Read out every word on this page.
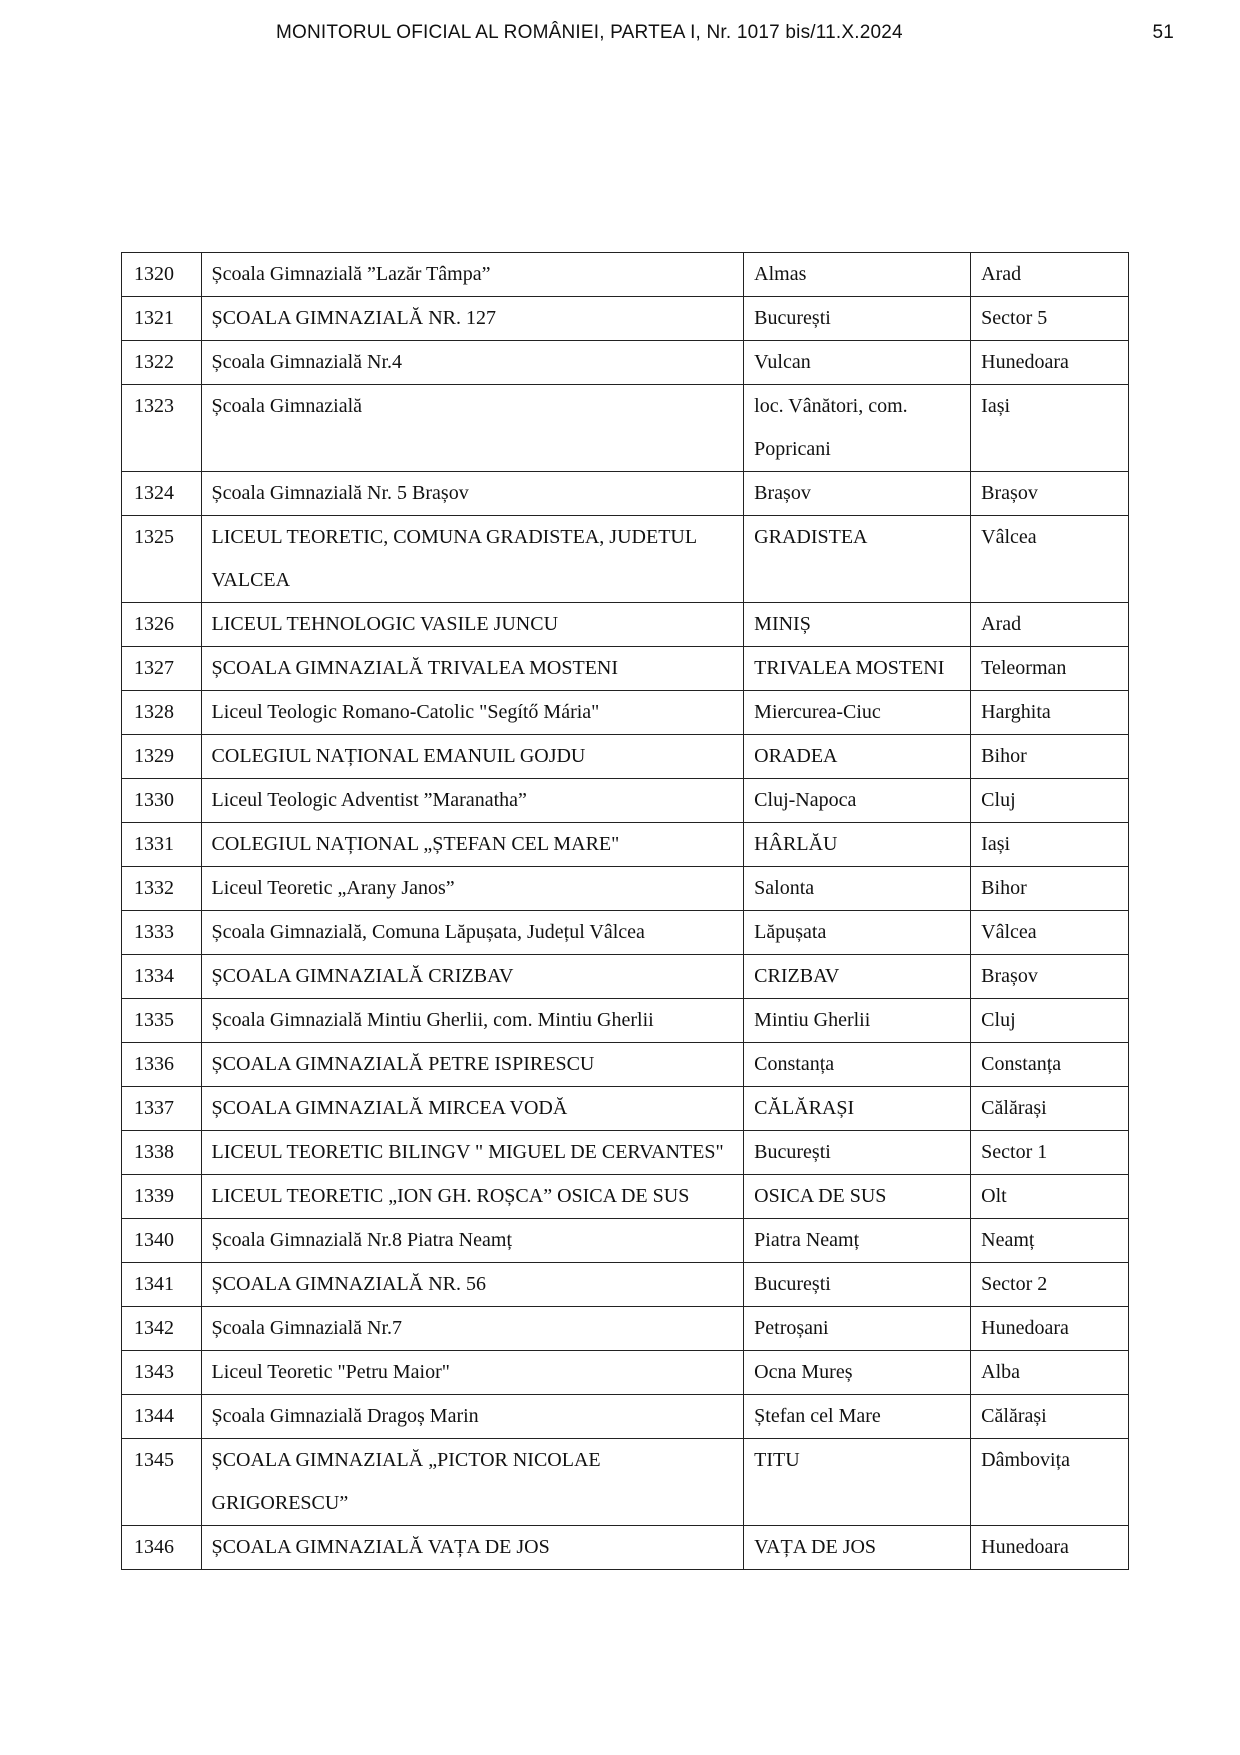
MONITORUL OFICIAL AL ROMÂNIEI, PARTEA I, Nr. 1017 bis/11.X.2024	51
1320	Școala Gimnazială ”Lazăr Tâmpa”	Almas	Arad
1321	ȘCOALA GIMNAZIALĂ NR. 127	București	Sector 5
1322	Școala Gimnazială Nr.4	Vulcan	Hunedoara
1323	Școala Gimnazială	loc. Vânători, com. Popricani	Iași
1324	Școala Gimnazială Nr. 5 Brașov	Brașov	Brașov
1325	LICEUL TEORETIC, COMUNA GRADISTEA, JUDETUL VALCEA	GRADISTEA	Vâlcea
1326	LICEUL TEHNOLOGIC VASILE JUNCU	MINIȘ	Arad
1327	ȘCOALA GIMNAZIALĂ TRIVALEA MOSTENI	TRIVALEA MOSTENI	Teleorman
1328	Liceul Teologic Romano-Catolic "Segítő Mária"	Miercurea-Ciuc	Harghita
1329	COLEGIUL NAȚIONAL EMANUIL GOJDU	ORADEA	Bihor
1330	Liceul Teologic Adventist ”Maranatha”	Cluj-Napoca	Cluj
1331	COLEGIUL NAȚIONAL „ȘTEFAN CEL MARE"	HÂRLĂU	Iași
1332	Liceul Teoretic „Arany Janos”	Salonta	Bihor
1333	Școala Gimnazială, Comuna Lăpușata, Județul Vâlcea	Lăpușata	Vâlcea
1334	ȘCOALA GIMNAZIALĂ CRIZBAV	CRIZBAV	Brașov
1335	Școala Gimnazială Mintiu Gherlii, com. Mintiu Gherlii	Mintiu Gherlii	Cluj
1336	ȘCOALA GIMNAZIALĂ PETRE ISPIRESCU	Constanța	Constanța
1337	ȘCOALA GIMNAZIALĂ MIRCEA VODĂ	CĂLĂRAȘI	Călărași
1338	LICEUL TEORETIC BILINGV " MIGUEL DE CERVANTES"	București	Sector 1
1339	LICEUL TEORETIC „ION GH. ROȘCA” OSICA DE SUS	OSICA DE SUS	Olt
1340	Școala Gimnazială Nr.8 Piatra Neamț	Piatra Neamț	Neamț
1341	ȘCOALA GIMNAZIALĂ NR. 56	București	Sector 2
1342	Școala Gimnazială Nr.7	Petroșani	Hunedoara
1343	Liceul Teoretic "Petru Maior"	Ocna Mureș	Alba
1344	Școala Gimnazială Dragoș Marin	Ștefan cel Mare	Călărași
1345	ȘCOALA GIMNAZIALĂ „PICTOR NICOLAE GRIGORESCU”	TITU	Dâmbovița
1346	ȘCOALA GIMNAZIALĂ VAȚA DE JOS	VAȚA DE JOS	Hunedoara
